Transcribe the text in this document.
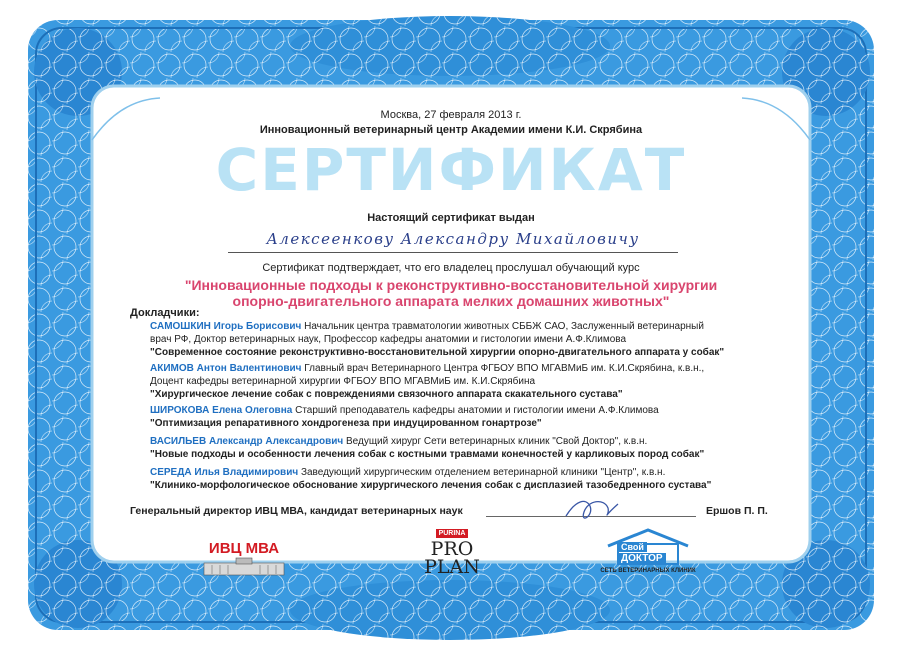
Москва, 27 февраля 2013 г.
Инновационный ветеринарный центр Академии имени К.И. Скрябина
СЕРТИФИКАТ
Настоящий сертификат выдан
Алексеенкову Александру Михайловичу
Сертификат подтверждает, что его владелец прослушал обучающий курс
"Инновационные подходы к реконструктивно-восстановительной хирургии
опорно-двигательного аппарата мелких домашних животных"
Докладчики:
САМОШКИН Игорь Борисович Начальник центра травматологии животных СББЖ САО, Заслуженный ветеринарный
врач РФ, Доктор ветеринарных наук, Профессор кафедры анатомии и гистологии имени А.Ф.Климова
"Современное состояние реконструктивно-восстановительной хирургии опорно-двигательного аппарата у собак"
АКИМОВ Антон Валентинович Главный врач Ветеринарного Центра ФГБОУ ВПО МГАВМиБ им. К.И.Скрябина, к.в.н.,
Доцент кафедры ветеринарной хирургии ФГБОУ ВПО МГАВМиБ им. К.И.Скрябина
"Хирургическое лечение собак с повреждениями связочного аппарата скакательного сустава"
ШИРОКОВА Елена Олеговна Старший преподаватель кафедры анатомии и гистологии имени А.Ф.Климова
"Оптимизация репаративного хондрогенеза при индуцированном гонартрозе"
ВАСИЛЬЕВ Александр Александрович Ведущий хирург Сети ветеринарных клиник "Свой Доктор", к.в.н.
"Новые подходы и особенности лечения собак с костными травмами конечностей у карликовых пород собак"
СЕРЕДА Илья Владимирович Заведующий хирургическим отделением ветеринарной клиники "Центр", к.в.н.
"Клинико-морфологическое обоснование хирургического лечения собак с дисплазией тазобедренного сустава"
Генеральный директор ИВЦ МВА, кандидат ветеринарных наук	Ершов П. П.
ИВЦ МВА
PURINA
PRO
PLAN
Свой
ДОКТОР
СЕТЬ ВЕТЕРИНАРНЫХ КЛИНИК
